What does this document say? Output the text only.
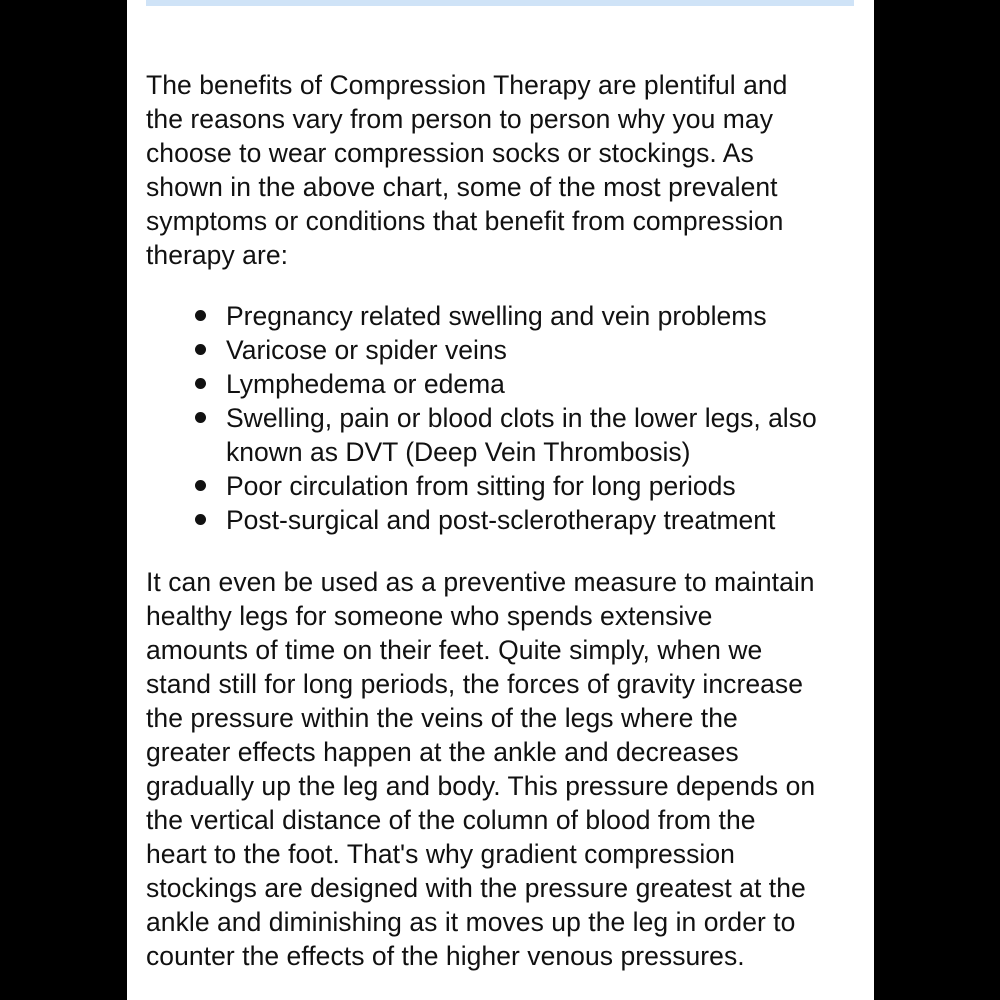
The benefits of Compression Therapy are plentiful and
the reasons vary from person to person why you may
choose to wear compression socks or stockings. As
shown in the above chart, some of the most prevalent
symptoms or conditions that benefit from compression
therapy are:

Pregnancy related swelling and vein problems
Varicose or spider veins
Lymphedema or edema
Swelling, pain or blood clots in the lower legs, also
known as DVT (Deep Vein Thrombosis)
Poor circulation from sitting for long periods
Post-surgical and post-sclerotherapy treatment

It can even be used as a preventive measure to maintain
healthy legs for someone who spends extensive
amounts of time on their feet. Quite simply, when we
stand still for long periods, the forces of gravity increase
the pressure within the veins of the legs where the
greater effects happen at the ankle and decreases
gradually up the leg and body. This pressure depends on
the vertical distance of the column of blood from the
heart to the foot. That's why gradient compression
stockings are designed with the pressure greatest at the
ankle and diminishing as it moves up the leg in order to
counter the effects of the higher venous pressures.
